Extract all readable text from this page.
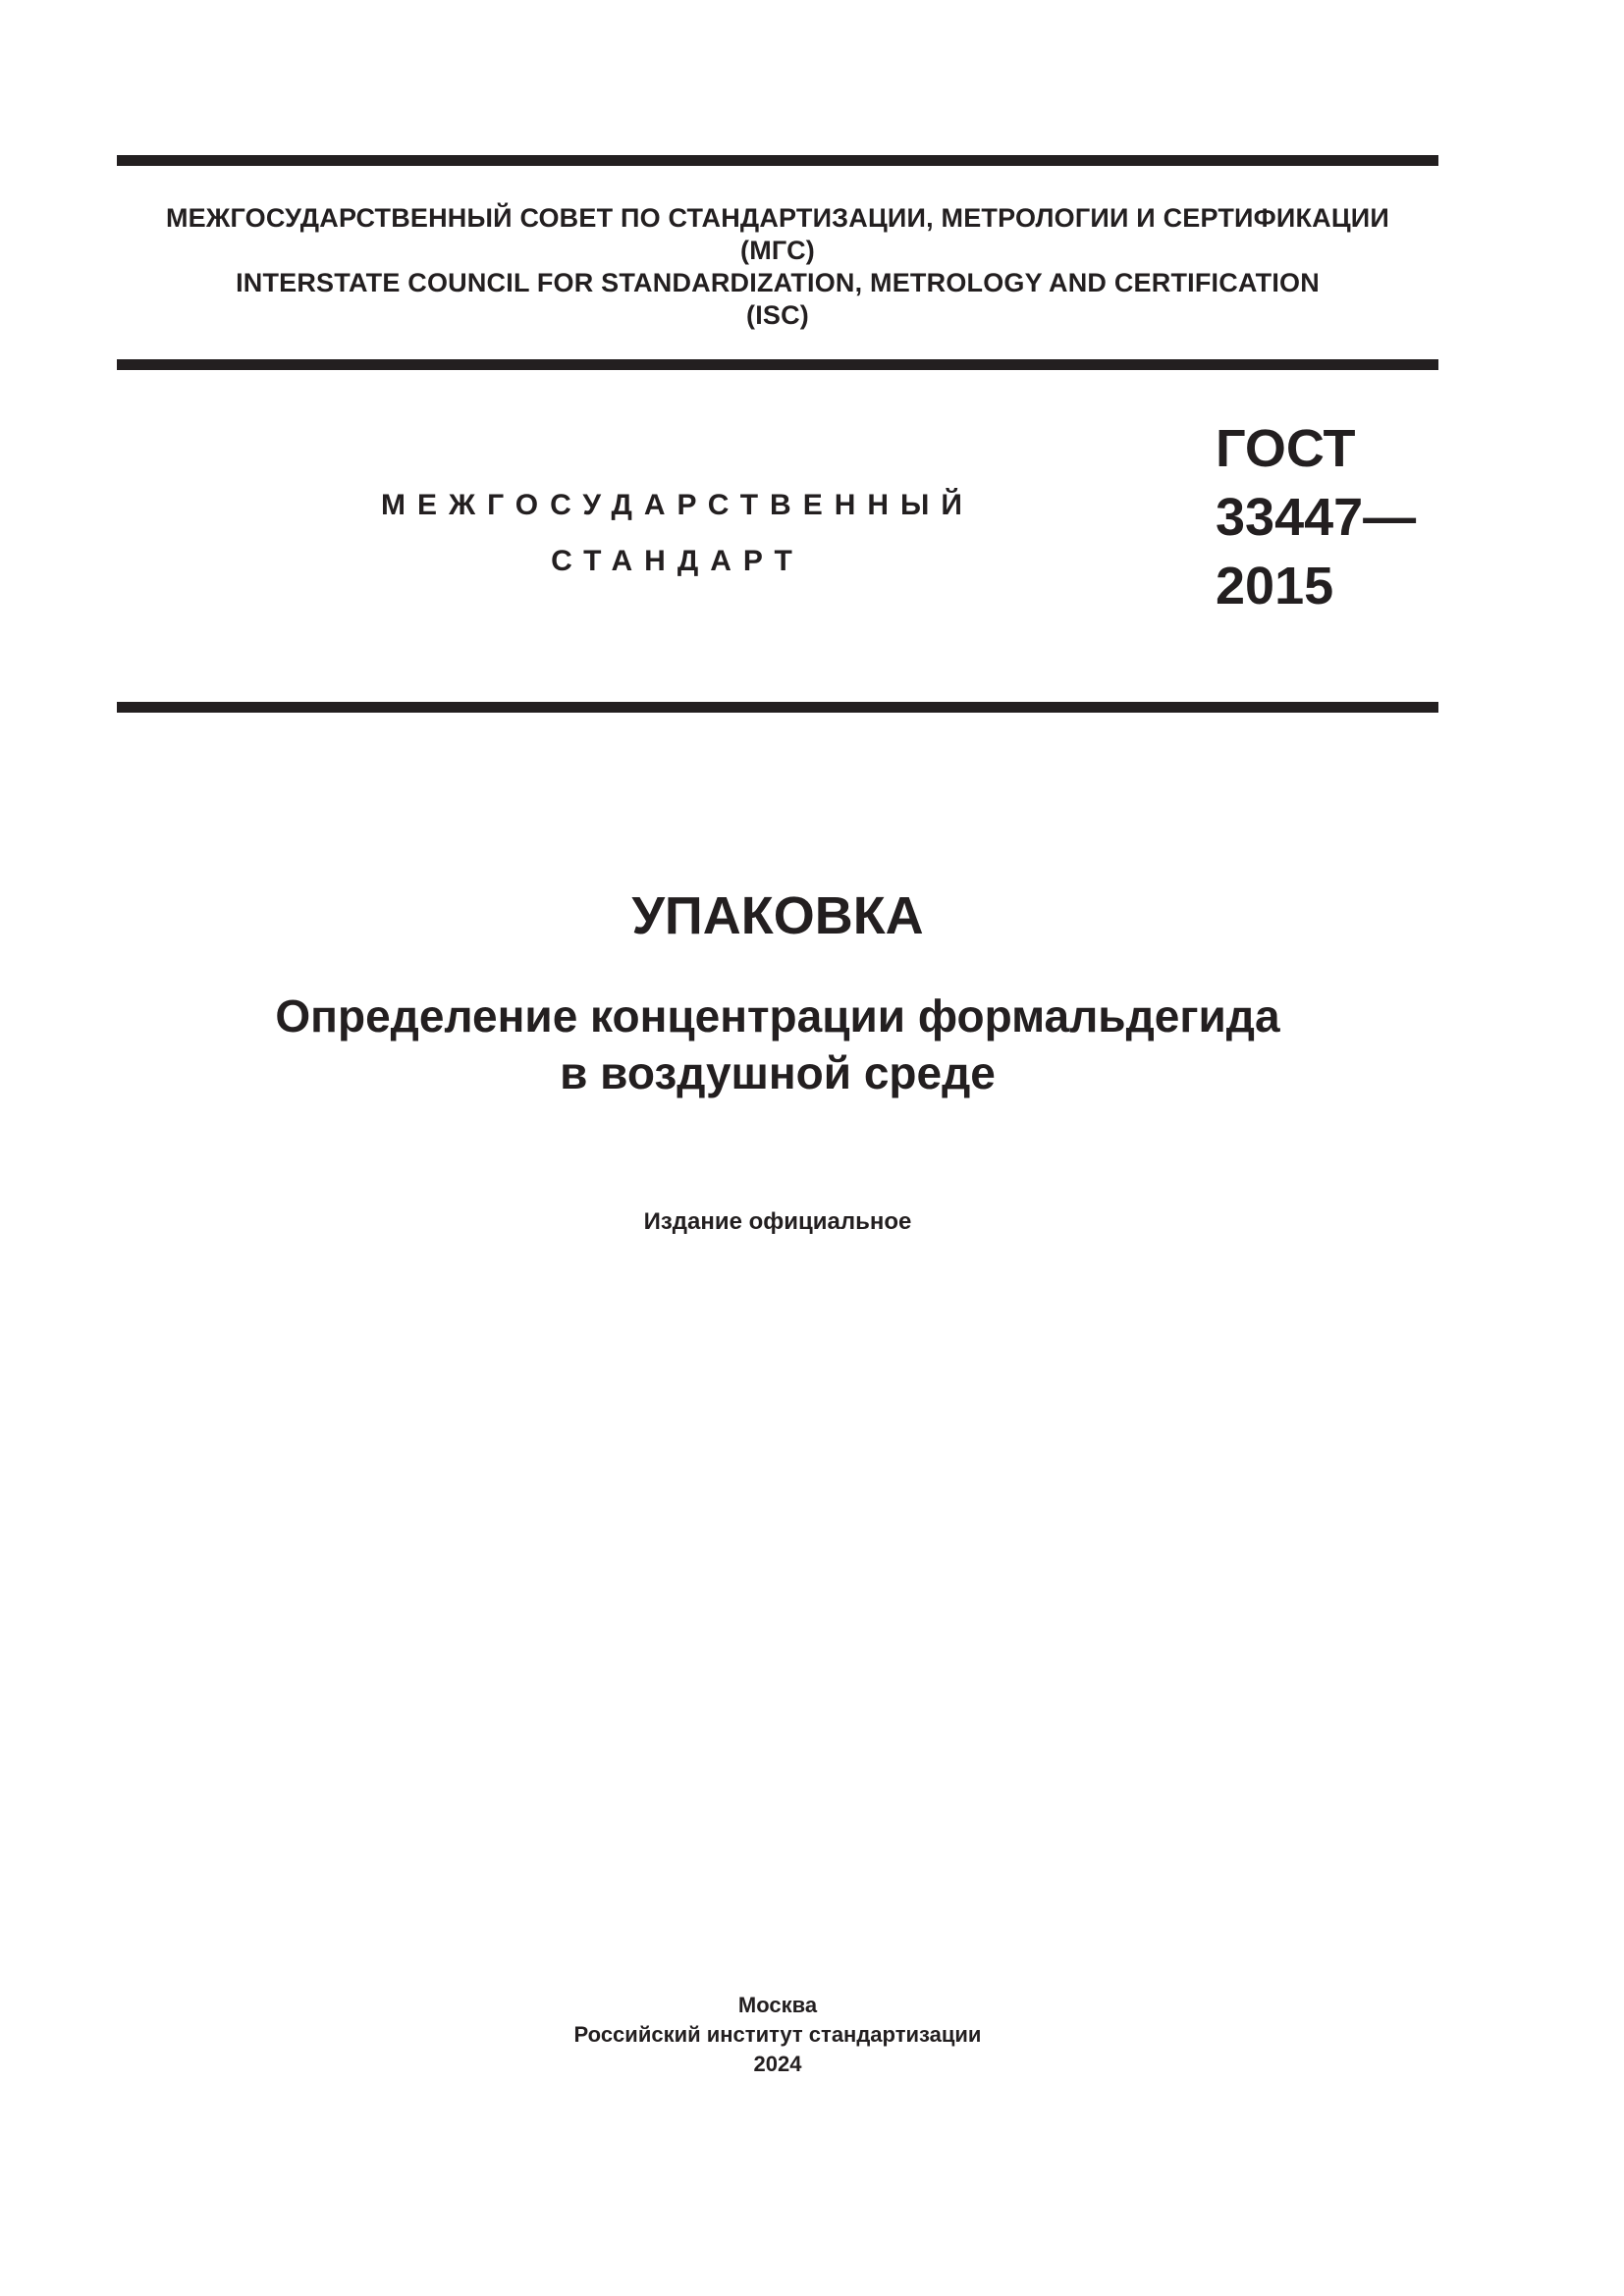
МЕЖГОСУДАРСТВЕННЫЙ СОВЕТ ПО СТАНДАРТИЗАЦИИ, МЕТРОЛОГИИ И СЕРТИФИКАЦИИ
(МГС)
INTERSTATE COUNCIL FOR STANDARDIZATION, METROLOGY AND CERTIFICATION
(ISC)
МЕЖГОСУДАРСТВЕННЫЙ
СТАНДАРТ
ГОСТ
33447—
2015
УПАКОВКА
Определение концентрации формальдегида
в воздушной среде
Издание официальное
Москва
Российский институт стандартизации
2024
